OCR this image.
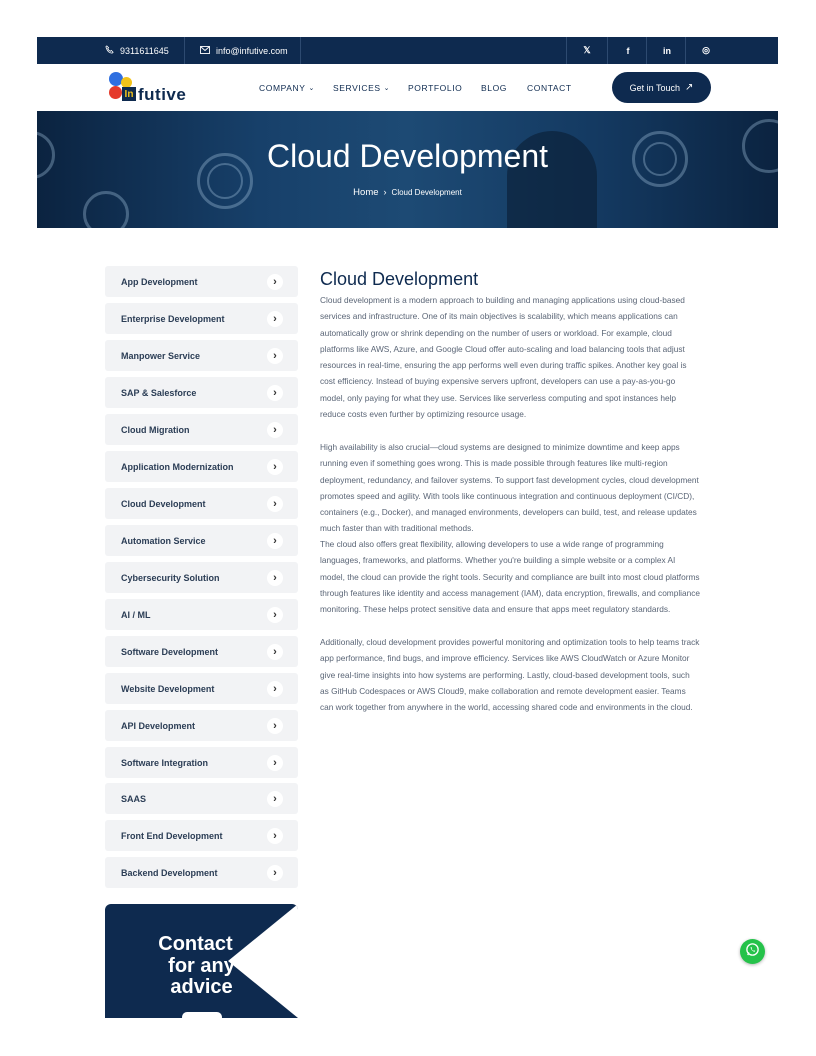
9311611645	info@infutive.com	𝕏	f	in	◎
In futive	COMPANY
⌄ SERVICES
⌄ PORTFOLIO BLOG CONTACT	Get in Touch ↗
Cloud Development
Home  ›  Cloud Development
App Development	›
Enterprise Development	›
Manpower Service	›
SAP & Salesforce	›
Cloud Migration	›
Application Modernization	›
Cloud Development	›
Automation Service	›
Cybersecurity Solution	›
AI / ML	›
Software Development	›
Website Development	›
API Development	›
Software Integration	›
SAAS	›
Front End Development	›
Backend Development	›
Contact
for any
advice
Cloud Development

Cloud development is a modern approach to building and managing applications using cloud-based services and infrastructure. One of its main objectives is scalability, which means applications can automatically grow or shrink depending on the number of users or workload. For example, cloud platforms like AWS, Azure, and Google Cloud offer auto-scaling and load balancing tools that adjust resources in real-time, ensuring the app performs well even during traffic spikes. Another key goal is cost efficiency. Instead of buying expensive servers upfront, developers can use a pay-as-you-go model, only paying for what they use. Services like serverless computing and spot instances help reduce costs even further by optimizing resource usage.

High availability is also crucial—cloud systems are designed to minimize downtime and keep apps running even if something goes wrong. This is made possible through features like multi-region deployment, redundancy, and failover systems. To support fast development cycles, cloud development promotes speed and agility. With tools like continuous integration and continuous deployment (CI/CD), containers (e.g., Docker), and managed environments, developers can build, test, and release updates much faster than with traditional methods.

The cloud also offers great flexibility, allowing developers to use a wide range of programming languages, frameworks, and platforms. Whether you're building a simple website or a complex AI model, the cloud can provide the right tools. Security and compliance are built into most cloud platforms through features like identity and access management (IAM), data encryption, firewalls, and compliance monitoring. These helps protect sensitive data and ensure that apps meet regulatory standards.

Additionally, cloud development provides powerful monitoring and optimization tools to help teams track app performance, find bugs, and improve efficiency. Services like AWS CloudWatch or Azure Monitor give real-time insights into how systems are performing. Lastly, cloud-based development tools, such as GitHub Codespaces or AWS Cloud9, make collaboration and remote development easier. Teams can work together from anywhere in the world, accessing shared code and environments in the cloud.
